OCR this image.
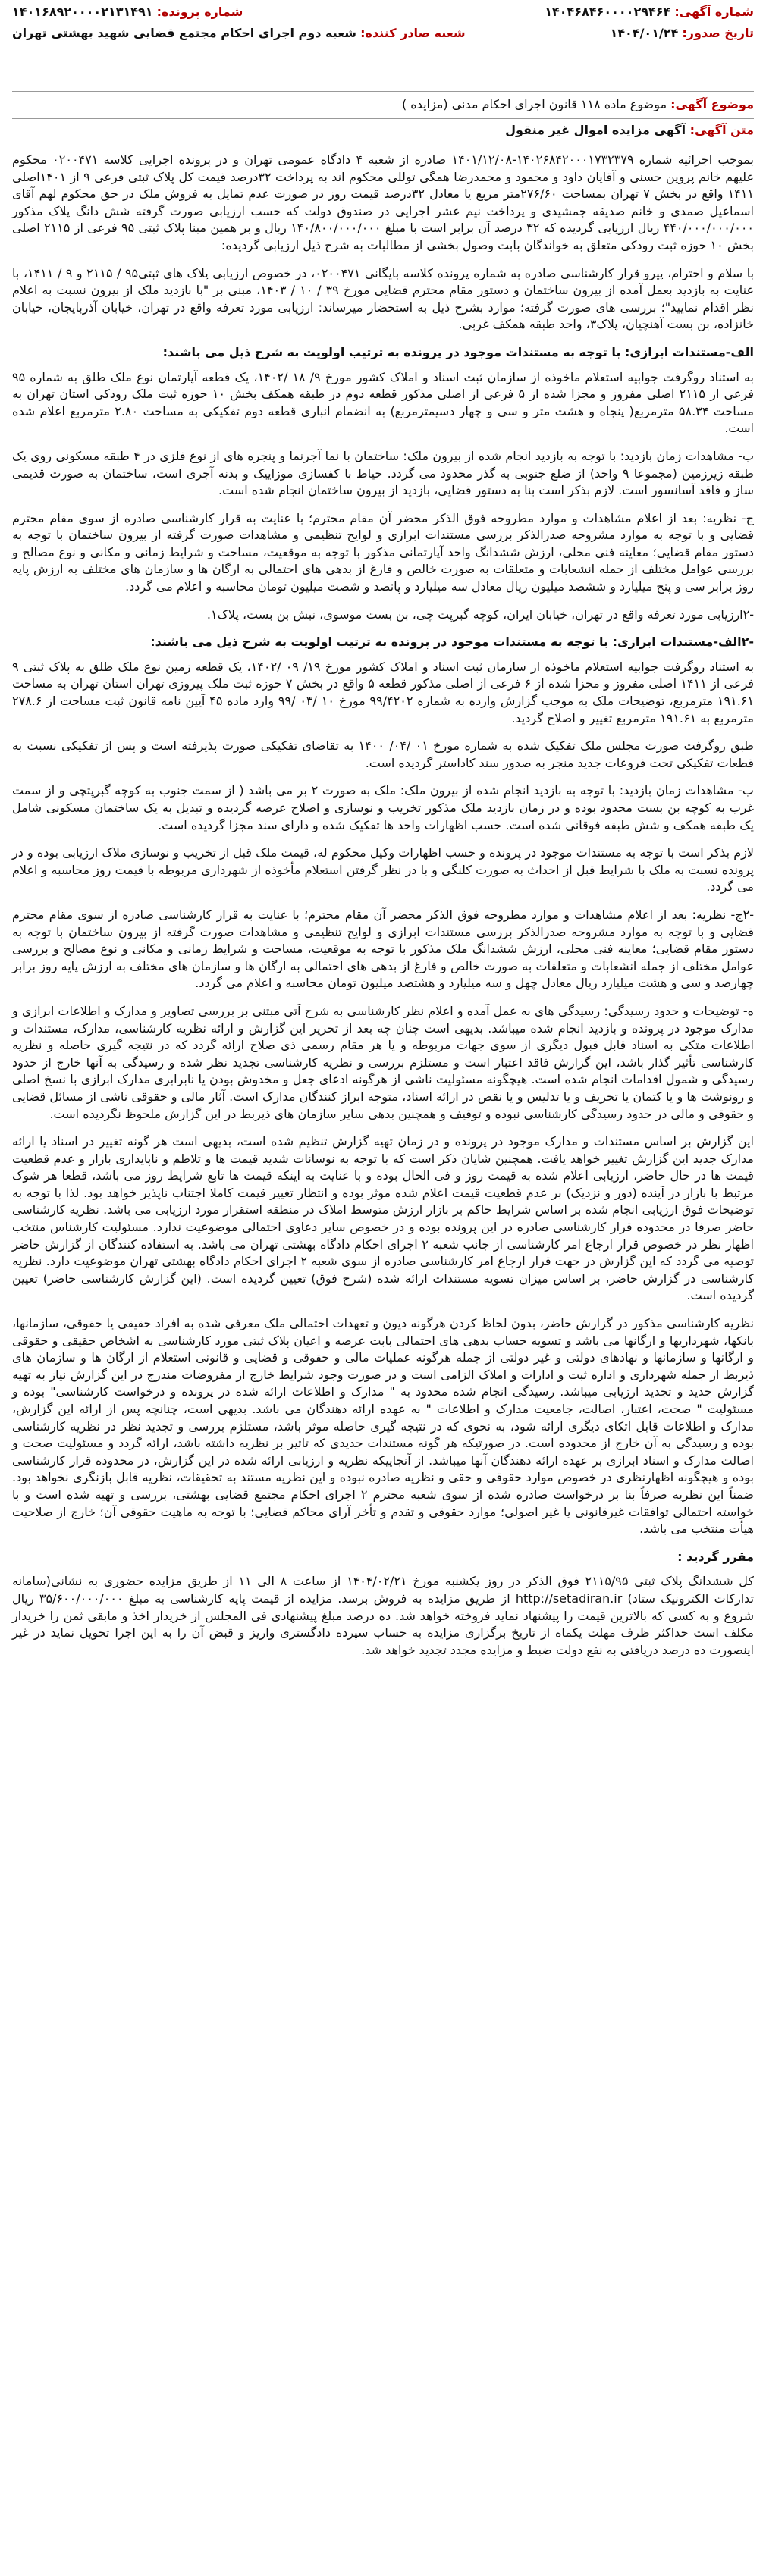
شماره آگهی: ۱۴۰۴۶۸۴۶۰۰۰۰۲۹۴۶۴
شماره پرونده: ۱۴۰۱۶۸۹۲۰۰۰۰۲۱۳۱۴۹۱
تاریخ صدور: ۱۴۰۴/۰۱/۲۴
شعبه صادر کننده: شعبه دوم اجرای احکام مجتمع قضایی شهید بهشتی تهران
موضوع آگهی: موضوع ماده ۱۱۸ قانون اجرای احکام مدنی (مزایده )
متن آگهی: آگهی مزایده اموال غیر منقول

بموجب اجرائیه شماره ۱۴۰۲۶۸۴۲۰۰۰۱۷۳۲۳۷۹-۱۴۰۱/۱۲/۰۸ صادره از شعبه ۴ دادگاه عمومی تهران و در پرونده اجرایی کلاسه ۰۲۰۰۴۷۱ محکوم علیهم خانم پروین حسنی و آقایان داود و محمود و محمدرضا همگی توللی محکوم اند به پرداخت ۳۲درصد قیمت کل پلاک ثبتی فرعی ۹ از ۱۴۰۱اصلی ۱۴۱۱ واقع در بخش ۷ تهران بمساحت ۲۷۶/۶۰متر مربع یا معادل ۳۲درصد قیمت روز در صورت عدم تمایل به فروش ملک در حق محکوم لهم آقای اسماعیل صمدی و خانم صدیقه جمشیدی و پرداخت نیم عشر اجرایی در صندوق دولت که حسب ارزیابی صورت گرفته شش دانگ پلاک مذکور ۴۴۰/۰۰۰/۰۰۰/۰۰۰ ریال ارزیابی گردیده که ۳۲ درصد آن برابر است با مبلغ ۱۴۰/۸۰۰/۰۰۰/۰۰۰ ریال و بر همین مبنا پلاک ثبتی ۹۵ فرعی از ۲۱۱۵ اصلی بخش ۱۰ حوزه ثبت رودکی متعلق به خواندگان بابت وصول بخشی از مطالبات به شرح ذیل ارزیابی گردیده:

با سلام و احترام، پیرو قرار کارشناسی صادره به شماره پرونده کلاسه بایگانی ۰۲۰۰۴۷۱، در خصوص ارزیابی پلاک های ثبتی۹۵ / ۲۱۱۵ و ۹ / ۱۴۱۱، با عنایت به بازدید بعمل آمده از بیرون ساختمان و دستور مقام محترم قضایی مورخ ۳۹ / ۱۰ / ۱۴۰۳، مبنی بر "با بازدید ملک از بیرون نسبت به اعلام نظر اقدام نمایید"؛ بررسی های صورت گرفته؛ موارد بشرح ذیل به استحضار میرساند: ارزیابی مورد تعرفه واقع در تهران، خیابان آذربایجان، خیابان خانزاده، بن بست آهنچیان، پلاک۳، واحد طبقه همکف غربی.

الف-مستندات ابرازی: با توجه به مستندات موجود در پرونده به ترتیب اولویت به شرح ذیل می باشند:

به استناد روگرفت جوابیه استعلام ماخوذه از سازمان ثبت اسناد و املاک کشور مورخ ۹/ ۱۸ /۱۴۰۲، یک قطعه آپارتمان نوع ملک طلق به شماره ۹۵ فرعی از ۲۱۱۵ اصلی مفروز و مجزا شده از ۵ فرعی از اصلی مذکور قطعه دوم در طبقه همکف بخش ۱۰ حوزه ثبت ملک رودکی استان تهران به مساحت ۵۸.۳۴ مترمربع( پنجاه و هشت متر و سی و چهار دسیمترمربع) به انضمام انباری قطعه دوم تفکیکی به مساحت ۲.۸۰ مترمربع اعلام شده است.

ب- مشاهدات زمان بازدید: با توجه به بازدید انجام شده از بیرون ملک: ساختمان با نما آجرنما و پنجره های از نوع فلزی در ۴ طبقه مسکونی روی یک طبقه زیرزمین (مجموعا ۹ واحد) از ضلع جنوبی به گذر محدود می گردد. حیاط با کفسازی موزاییک و بدنه آجری است، ساختمان به صورت قدیمی ساز و فاقد آسانسور است. لازم بذکر است بنا به دستور قضایی، بازدید از بیرون ساختمان انجام شده است.

ج- نظریه: بعد از اعلام مشاهدات و موارد مطروحه فوق الذکر محضر آن مقام محترم؛ با عنایت به قرار کارشناسی صادره از سوی مقام محترم قضایی و با توجه به موارد مشروحه صدرالذکر بررسی مستندات ابرازی و لوایح تنظیمی و مشاهدات صورت گرفته از بیرون ساختمان با توجه به دستور مقام قضایی؛ معاینه فنی محلی، ارزش ششدانگ واحد آپارتمانی مذکور با توجه به موقعیت، مساحت و شرایط زمانی و مکانی و نوع مصالح و بررسی عوامل مختلف از جمله انشعابات و متعلقات به صورت خالص و فارغ از بدهی های احتمالی به ارگان ها و سازمان های مختلف به ارزش پایه روز برابر سی و پنج میلیارد و ششصد میلیون ریال معادل سه میلیارد و پانصد و شصت میلیون تومان محاسبه و اعلام می گردد.

-۲ارزیابی مورد تعرفه واقع در تهران، خیابان ایران، کوچه گبرپت چی، بن بست موسوی، نبش بن بست، پلاک۱.

-۲الف-مستندات ابرازی: با توجه به مستندات موجود در پرونده به ترتیب اولویت به شرح ذیل می باشند:

به استناد روگرفت جوابیه استعلام ماخوذه از سازمان ثبت اسناد و املاک کشور مورخ ۱۹/ ۰۹ /۱۴۰۲، یک قطعه زمین نوع ملک طلق به پلاک ثبتی ۹ فرعی از ۱۴۱۱ اصلی مفروز و مجزا شده از ۶ فرعی از اصلی مذکور قطعه ۵ واقع در بخش ۷ حوزه ثبت ملک پیروزی تهران استان تهران به مساحت ۱۹۱.۶۱ مترمربع، توضیحات ملک به موجب گزارش وارده به شماره ۹۹/۴۲۰۲ مورخ ۱۰ /۰۳ /۹۹ وارد ماده ۴۵ آیین نامه قانون ثبت مساحت از ۲۷۸.۶ مترمربع به ۱۹۱.۶۱ مترمربع تغییر و اصلاح گردید.

طبق روگرفت صورت مجلس ملک تفکیک شده به شماره مورخ ۰۱ /۰۴/ ۱۴۰۰ به تقاضای تفکیکی صورت پذیرفته است و پس از تفکیکی نسبت به قطعات تفکیکی تحت فروعات جدید منجر به صدور سند کاداستر گردیده است.

ب- مشاهدات زمان بازدید: با توجه به بازدید انجام شده از بیرون ملک: ملک به صورت ۲ بر می باشد ( از سمت جنوب به کوچه گبرپتچی و از سمت غرب به کوچه بن بست محدود بوده و در زمان بازدید ملک مذکور تخریب و نوسازی و اصلاح عرصه گردیده و تبدیل به یک ساختمان مسکونی شامل یک طبقه همکف و شش طبقه فوقانی شده است. حسب اظهارات واحد ها تفکیک شده و دارای سند مجزا گردیده است.

لازم بذکر است با توجه به مستندات موجود در پرونده و حسب اظهارات وکیل محکوم له، قیمت ملک قبل از تخریب و نوسازی ملاک ارزیابی بوده و در پرونده نسبت به ملک با شرایط قبل از احداث به صورت کلنگی و با در نظر گرفتن استعلام مأخوذه از شهرداری مربوطه با قیمت روز محاسبه و اعلام می گردد.

-۲ج- نظریه: بعد از اعلام مشاهدات و موارد مطروحه فوق الذکر محضر آن مقام محترم؛ با عنایت به قرار کارشناسی صادره از سوی مقام محترم قضایی و با توجه به موارد مشروحه صدرالذکر بررسی مستندات ابرازی و لوایح تنظیمی و مشاهدات صورت گرفته از بیرون ساختمان با توجه به دستور مقام قضایی؛ معاینه فنی محلی، ارزش ششدانگ ملک مذکور با توجه به موقعیت، مساحت و شرایط زمانی و مکانی و نوع مصالح و بررسی عوامل مختلف از جمله انشعابات و متعلقات به صورت خالص و فارغ از بدهی های احتمالی به ارگان ها و سازمان های مختلف به ارزش پایه روز برابر چهارصد و سی و هشت میلیارد ریال معادل چهل و سه میلیارد و هشتصد میلیون تومان محاسبه و اعلام می گردد.

ه- توضیحات و حدود رسیدگی: رسیدگی های به عمل آمده و اعلام نظر کارشناسی به شرح آتی مبتنی بر بررسی تصاویر و مدارک و اطلاعات ابرازی و مدارک موجود در پرونده و بازدید انجام شده میباشد. بدیهی است چنان چه بعد از تحریر این گزارش و ارائه نظریه کارشناسی، مدارک، مستندات و اطلاعات متکی به اسناد قابل قبول دیگری از سوی جهات مربوطه و یا هر مقام رسمی ذی صلاح ارائه گردد که در نتیجه گیری حاصله و نظریه کارشناسی تأثیر گذار باشد، این گزارش فاقد اعتبار است و مستلزم بررسی و نظریه کارشناسی تجدید نظر شده و رسیدگی به آنها خارج از حدود رسیدگی و شمول اقدامات انجام شده است. هیچگونه مسئولیت ناشی از هرگونه ادعای جعل و مخدوش بودن یا نابرابری مدارک ابرازی با نسخ اصلی و رونوشت ها و یا کتمان یا تحریف و یا تدلیس و یا نقص در ارائه اسناد، متوجه ابراز کنندگان مدارک است. آثار مالی و حقوقی ناشی از مسائل قضایی و حقوقی و مالی در حدود رسیدگی کارشناسی نبوده و توقیف و همچنین بدهی سایر سازمان های ذیربط در این گزارش ملحوظ نگردیده است.

این گزارش بر اساس مستندات و مدارک موجود در پرونده و در زمان تهیه گزارش تنظیم شده است، بدیهی است هر گونه تغییر در اسناد یا ارائه مدارک جدید این گزارش تغییر خواهد یافت. همچنین شایان ذکر است که با توجه به نوسانات شدید قیمت ها و تلاطم و ناپایداری بازار و عدم قطعیت قیمت ها در حال حاضر، ارزیابی اعلام شده به قیمت روز و فی الحال بوده و با عنایت به اینکه قیمت ها تابع شرایط روز می باشد، قطعا هر شوک مرتبط با بازار در آینده (دور و نزدیک) بر عدم قطعیت قیمت اعلام شده موثر بوده و انتظار تغییر قیمت کاملا اجتناب ناپذیر خواهد بود. لذا با توجه به توضیحات فوق ارزیابی انجام شده بر اساس شرایط حاکم بر بازار ارزش متوسط املاک در منطقه استقرار مورد ارزیابی می باشد. نظریه کارشناسی حاضر صرفا در محدوده قرار کارشناسی صادره در این پرونده بوده و در خصوص سایر دعاوی احتمالی موضوعیت ندارد. مسئولیت کارشناس منتخب اظهار نظر در خصوص قرار ارجاع امر کارشناسی از جانب شعبه ۲ اجرای احکام دادگاه بهشتی تهران می باشد. به استفاده کنندگان از گزارش حاضر توصیه می گردد که این گزارش در جهت قرار ارجاع امر کارشناسی صادره از سوی شعبه ۲ اجرای احکام دادگاه بهشتی تهران موضوعیت دارد. نظریه کارشناسی در گزارش حاضر، بر اساس میزان تسویه مستندات ارائه شده (شرح فوق) تعیین گردیده است. (این گزارش کارشناسی حاضر) تعیین گردیده است.

نظریه کارشناسی مذکور در گزارش حاضر، بدون لحاظ کردن هرگونه دیون و تعهدات احتمالی ملک معرفی شده به افراد حقیقی یا حقوقی، سازمانها، بانکها، شهرداریها و ارگانها می باشد و تسویه حساب بدهی های احتمالی بابت عرصه و اعیان پلاک ثبتی مورد کارشناسی به اشخاص حقیقی و حقوقی و ارگانها و سازمانها و نهادهای دولتی و غیر دولتی از جمله هرگونه عملیات مالی و حقوقی و قضایی و قانونی استعلام از ارگان ها و سازمان های ذیربط از جمله شهرداری و اداره ثبت و ادارات و املاک الزامی است و در صورت وجود شرایط خارج از مفروضات مندرج در این گزارش نیاز به تهیه گزارش جدید و تجدید ارزیابی میباشد. رسیدگی انجام شده محدود به " مدارک و اطلاعات ارائه شده در پرونده و درخواست کارشناسی" بوده و مسئولیت " صحت، اعتبار، اصالت، جامعیت مدارک و اطلاعات " به عهده ارائه دهندگان می باشد. بدیهی است، چنانچه پس از ارائه این گزارش، مدارک و اطلاعات قابل اتکای دیگری ارائه شود، به نحوی که در نتیجه گیری حاصله موثر باشد، مستلزم بررسی و تجدید نظر در نظریه کارشناسی بوده و رسیدگی به آن خارج از محدوده است. در صورتیکه هر گونه مستندات جدیدی که تاثیر بر نظریه داشته باشد، ارائه گردد و مسئولیت صحت و اصالت مدارک و اسناد ابرازی بر عهده ارائه دهندگان آنها میباشد. از آنجاییکه نظریه و ارزیابی ارائه شده در این گزارش، در محدوده قرار کارشناسی بوده و هیچگونه اظهارنظری در خصوص موارد حقوقی و حقی و نظریه صادره نبوده و این نظریه مستند به تحقیقات، نظریه قابل بازنگری نخواهد بود. ضمناً این نظریه صرفاً بنا بر درخواست صادره شده از سوی شعبه محترم ۲ اجرای احکام مجتمع قضایی بهشتی، بررسی و تهیه شده است و با خواسته احتمالی توافقات غیرقانونی یا غیر اصولی؛ موارد حقوقی و تقدم و تأخر آرای محاکم قضایی؛ با توجه به ماهیت حقوقی آن؛ خارج از صلاحیت هیأت منتخب می باشد.

مقرر گردید :

کل ششدانگ پلاک ثبتی ۲۱۱۵/۹۵ فوق الذکر در روز یکشنبه مورخ ۱۴۰۴/۰۲/۲۱ از ساعت ۸ الی ۱۱ از طریق مزایده حضوری به نشانی(سامانه تدارکات الکترونیک ستاد) http://setadiran.ir از طریق مزایده به فروش برسد. مزایده از قیمت پایه کارشناسی به مبلغ ۳۵/۶۰۰/۰۰۰/۰۰۰ ریال شروع و به کسی که بالاترین قیمت را پیشنهاد نماید فروخته خواهد شد. ده درصد مبلغ پیشنهادی فی المجلس از خریدار اخذ و مابقی ثمن را خریدار مکلف است حداکثر ظرف مهلت یکماه از تاریخ برگزاری مزایده به حساب سپرده دادگستری واریز و قبض آن را به این اجرا تحویل نماید در غیر اینصورت ده درصد دریافتی به نفع دولت ضبط و مزایده مجدد تجدید خواهد شد.
